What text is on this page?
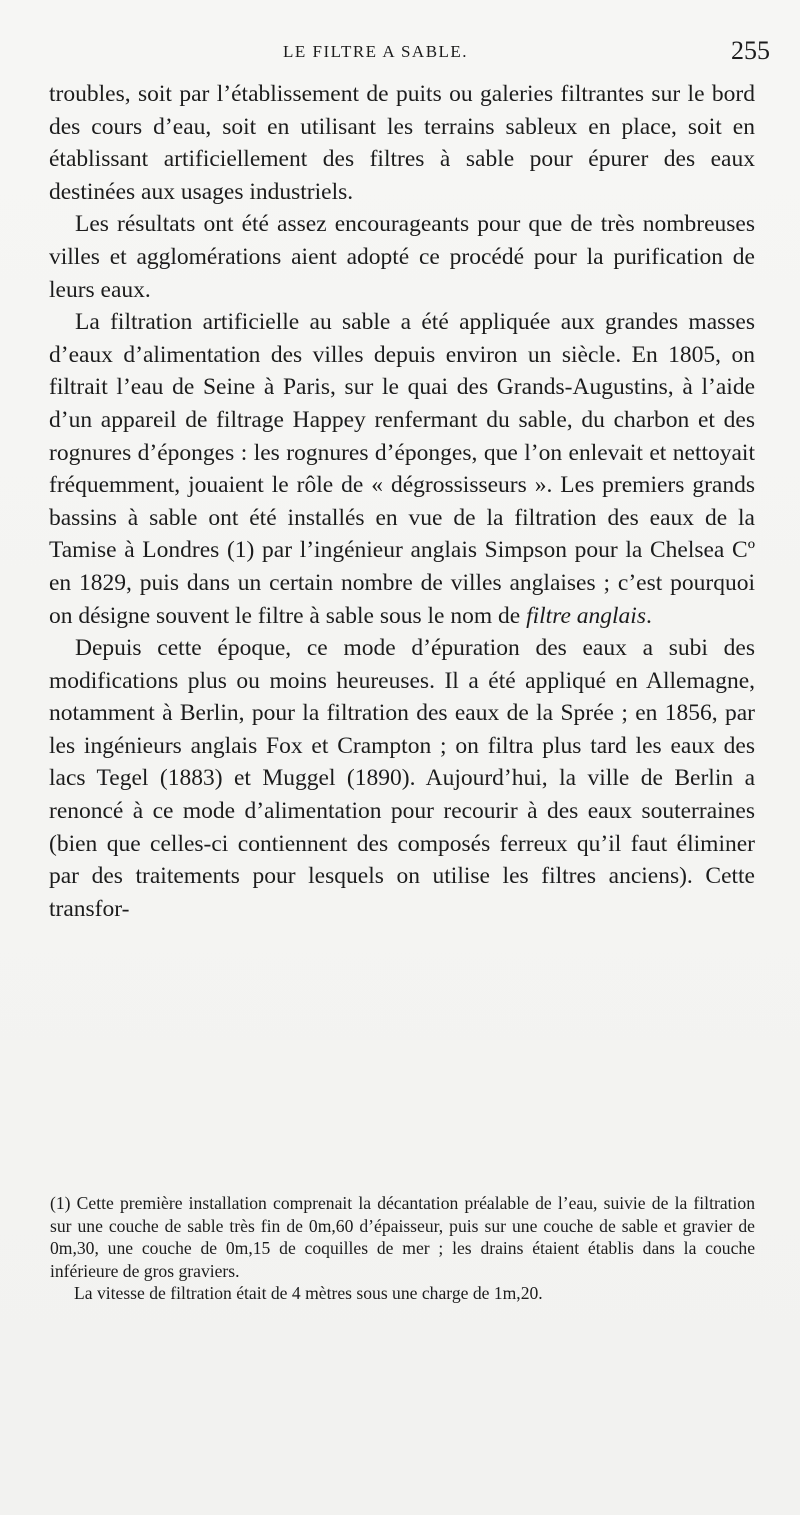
LE FILTRE A SABLE.	255

troubles, soit par l’établissement de puits ou galeries filtrantes sur le bord des cours d’eau, soit en utilisant les terrains sableux en place, soit en établissant artificiellement des filtres à sable pour épurer des eaux destinées aux usages industriels.

Les résultats ont été assez encourageants pour que de très nombreuses villes et agglomérations aient adopté ce procédé pour la purification de leurs eaux.

La filtration artificielle au sable a été appliquée aux grandes masses d’eaux d’alimentation des villes depuis environ un siècle. En 1805, on filtrait l’eau de Seine à Paris, sur le quai des Grands-Augustins, à l’aide d’un appareil de filtrage Happey renfermant du sable, du charbon et des rognures d’éponges : les rognures d’éponges, que l’on enlevait et nettoyait fréquemment, jouaient le rôle de « dégrossisseurs ». Les premiers grands bassins à sable ont été installés en vue de la filtration des eaux de la Tamise à Londres (1) par l’ingénieur anglais Simpson pour la Chelsea Cº en 1829, puis dans un certain nombre de villes anglaises ; c’est pourquoi on désigne souvent le filtre à sable sous le nom de filtre anglais.

Depuis cette époque, ce mode d’épuration des eaux a subi des modifications plus ou moins heureuses. Il a été appliqué en Allemagne, notamment à Berlin, pour la filtration des eaux de la Sprée ; en 1856, par les ingénieurs anglais Fox et Crampton ; on filtra plus tard les eaux des lacs Tegel (1883) et Muggel (1890). Aujourd’hui, la ville de Berlin a renoncé à ce mode d’alimentation pour recourir à des eaux souterraines (bien que celles-ci contiennent des composés ferreux qu’il faut éliminer par des traitements pour lesquels on utilise les filtres anciens). Cette transfor-

(1) Cette première installation comprenait la décantation préalable de l’eau, suivie de la filtration sur une couche de sable très fin de 0m,60 d’épaisseur, puis sur une couche de sable et gravier de 0m,30, une couche de 0m,15 de coquilles de mer ; les drains étaient établis dans la couche inférieure de gros graviers.

La vitesse de filtration était de 4 mètres sous une charge de 1m,20.
